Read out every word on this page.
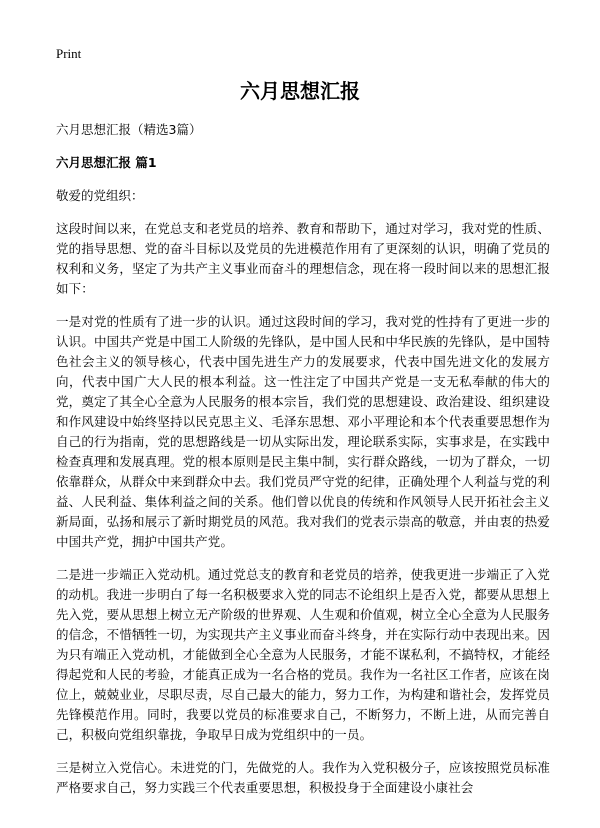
Print
六月思想汇报
六月思想汇报（精选3篇）
六月思想汇报 篇1
敬爱的党组织：

这段时间以来，在党总支和老党员的培养、教育和帮助下，通过对学习，我对党的性质、党的指导思想、党的奋斗目标以及党员的先进模范作用有了更深刻的认识，明确了党员的权利和义务，坚定了为共产主义事业而奋斗的理想信念，现在将一段时间以来的思想汇报如下：

一是对党的性质有了进一步的认识。通过这段时间的学习，我对党的性持有了更进一步的认识。中国共产党是中国工人阶级的先锋队，是中国人民和中华民族的先锋队，是中国特色社会主义的领导核心，代表中国先进生产力的发展要求，代表中国先进文化的发展方向，代表中国广大人民的根本利益。这一性注定了中国共产党是一支无私奉献的伟大的党，奠定了其全心全意为人民服务的根本宗旨，我们党的思想建设、政治建设、组织建设和作风建设中始终坚持以民克思主义、毛泽东思想、邓小平理论和本个代表重要思想作为自己的行为指南，党的思想路线是一切从实际出发，理论联系实际，实事求是，在实践中检查真理和发展真理。党的根本原则是民主集中制，实行群众路线，一切为了群众，一切依靠群众，从群众中来到群众中去。我们党员严守党的纪律，正确处理个人利益与党的利益、人民利益、集体利益之间的关系。他们曾以优良的传统和作风领导人民开拓社会主义新局面，弘扬和展示了新时期党员的风范。我对我们的党表示崇高的敬意，并由衷的热爱中国共产党，拥护中国共产党。

二是进一步端正入党动机。通过党总支的教育和老党员的培养，使我更进一步端正了入党的动机。我进一步明白了每一名积极要求入党的同志不论组织上是否入党，都要从思想上先入党，要从思想上树立无产阶级的世界观、人生观和价值观，树立全心全意为人民服务的信念，不惜牺牲一切，为实现共产主义事业而奋斗终身，并在实际行动中表现出来。因为只有端正入党动机，才能做到全心全意为人民服务，才能不谋私利，不搞特权，才能经得起党和人民的考验，才能真正成为一名合格的党员。我作为一名社区工作者，应该在岗位上，兢兢业业，尽职尽责，尽自己最大的能力，努力工作，为构建和谐社会，发挥党员先锋模范作用。同时，我要以党员的标准要求自己，不断努力，不断上进，从而完善自己，积极向党组织靠拢，争取早日成为党组织中的一员。

三是树立入党信心。未进党的门，先做党的人。我作为入党积极分子，应该按照党员标准严格要求自己，努力实践三个代表重要思想，积极投身于全面建设小康社会
